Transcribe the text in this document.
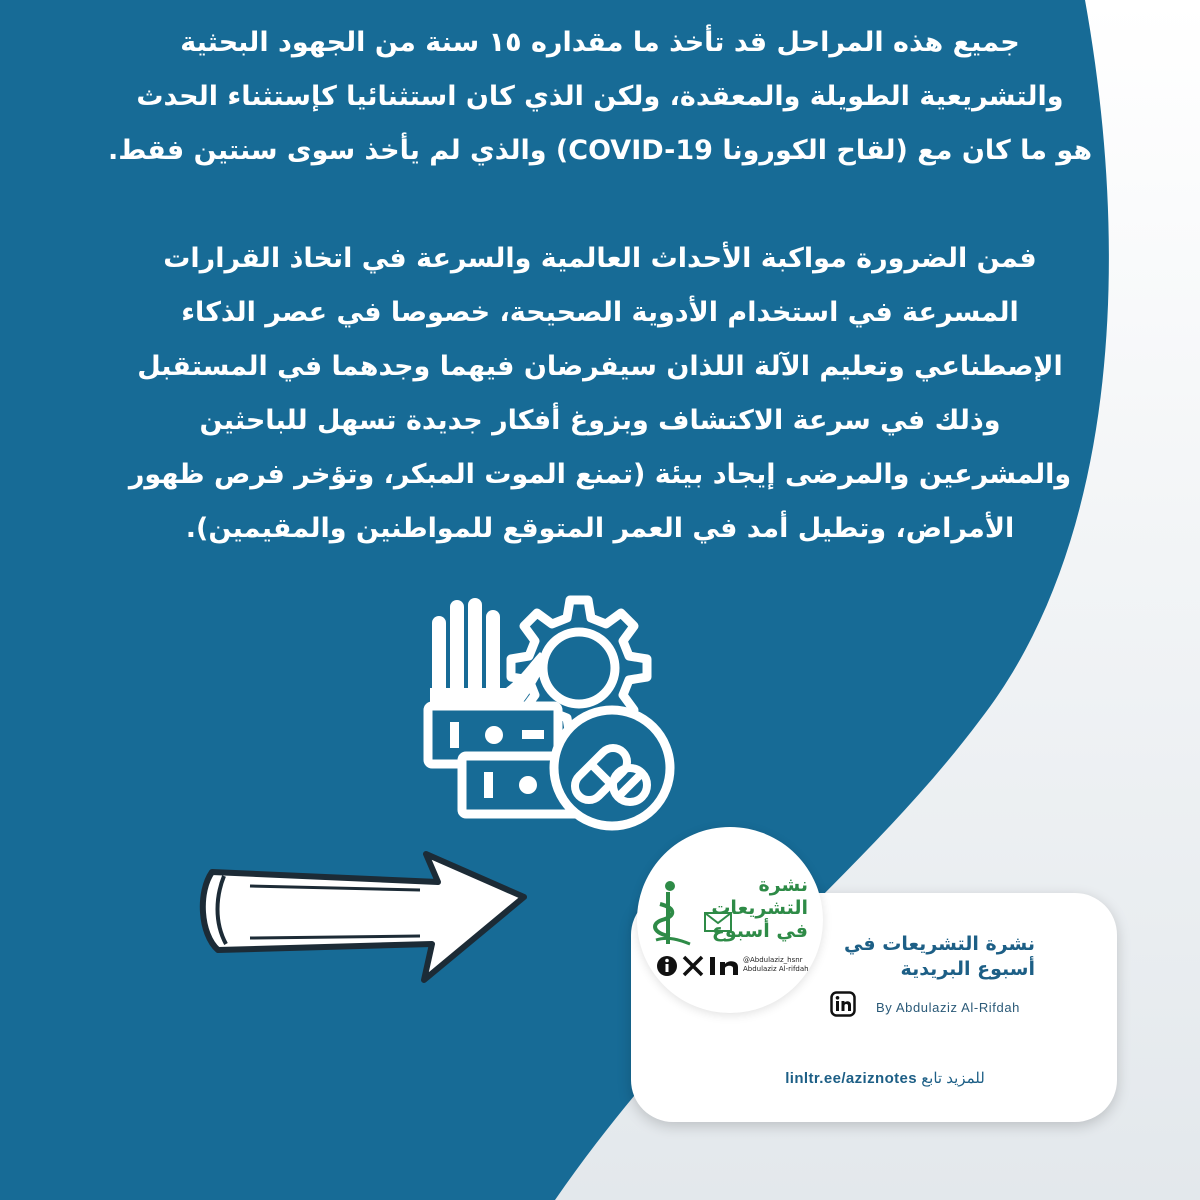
جميع هذه المراحل قد تأخذ ما مقداره ١٥ سنة من الجهود البحثية
والتشريعية الطويلة والمعقدة، ولكن الذي كان استثنائيا كإستثناء الحدث
هو ما كان مع (لقاح الكورونا COVID-19) والذي لم يأخذ سوى سنتين فقط.
فمن الضرورة مواكبة الأحداث العالمية والسرعة في اتخاذ القرارات
المسرعة في استخدام الأدوية الصحيحة، خصوصا في عصر الذكاء
الإصطناعي وتعليم الآلة اللذان سيفرضان فيهما وجدهما في المستقبل
وذلك في سرعة الاكتشاف وبزوغ أفكار جديدة تسهل للباحثين
والمشرعين والمرضى إيجاد بيئة (تمنع الموت المبكر، وتؤخر فرص ظهور
الأمراض، وتطيل أمد في العمر المتوقع للمواطنين والمقيمين).
نشرة التشريعات
في أسبوع
@Abdulaziz_hsnr
Abdulaziz Al-rifdah
نشرة التشريعات في
أسبوع البريدية
By Abdulaziz Al-Rifdah
للمزيد تابع linltr.ee/aziznotes
